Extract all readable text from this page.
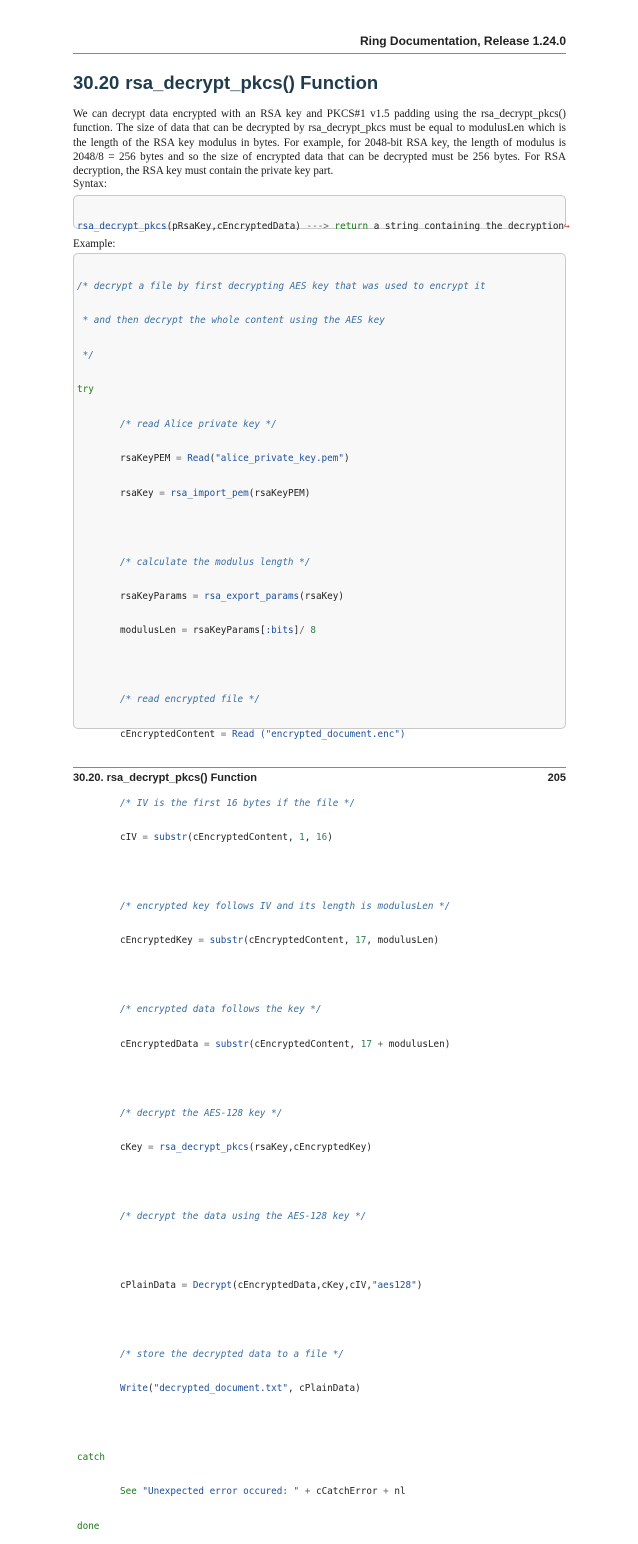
Ring Documentation, Release 1.24.0
30.20 rsa_decrypt_pkcs() Function

We can decrypt data encrypted with an RSA key and PKCS#1 v1.5 padding using the rsa_decrypt_pkcs() function. The size of data that can be decrypted by rsa_decrypt_pkcs must be equal to modulusLen which is the length of the RSA key modulus in bytes. For example, for 2048-bit RSA key, the length of modulus is 2048/8 = 256 bytes and so the size of encrypted data that can be decrypted must be 256 bytes. For RSA decryption, the RSA key must contain the private key part.

Syntax:

rsa_decrypt_pkcs(pRsaKey,cEncryptedData) ---> return a string containing the decryption↪

Example:

/* decrypt a file by first decrypting AES key that was used to encrypt it

* and then decrypt the whole content using the AES key

*/

try

/* read Alice private key */

rsaKeyPEM = Read("alice_private_key.pem")

rsaKey = rsa_import_pem(rsaKeyPEM)

/* calculate the modulus length */

rsaKeyParams = rsa_export_params(rsaKey)

modulusLen = rsaKeyParams[:bits]/ 8

/* read encrypted file */

cEncryptedContent = Read ("encrypted_document.enc")

/* IV is the first 16 bytes if the file */

cIV = substr(cEncryptedContent, 1, 16)

/* encrypted key follows IV and its length is modulusLen */

cEncryptedKey = substr(cEncryptedContent, 17, modulusLen)

/* encrypted data follows the key */

cEncryptedData = substr(cEncryptedContent, 17 + modulusLen)

/* decrypt the AES-128 key */

cKey = rsa_decrypt_pkcs(rsaKey,cEncryptedKey)

/* decrypt the data using the AES-128 key */

cPlainData = Decrypt(cEncryptedData,cKey,cIV,"aes128")

/* store the decrypted data to a file */

Write("decrypted_document.txt", cPlainData)

catch

See "Unexpected error occured: " + cCatchError + nl

done

30.20. rsa_decrypt_pkcs() Function	205
